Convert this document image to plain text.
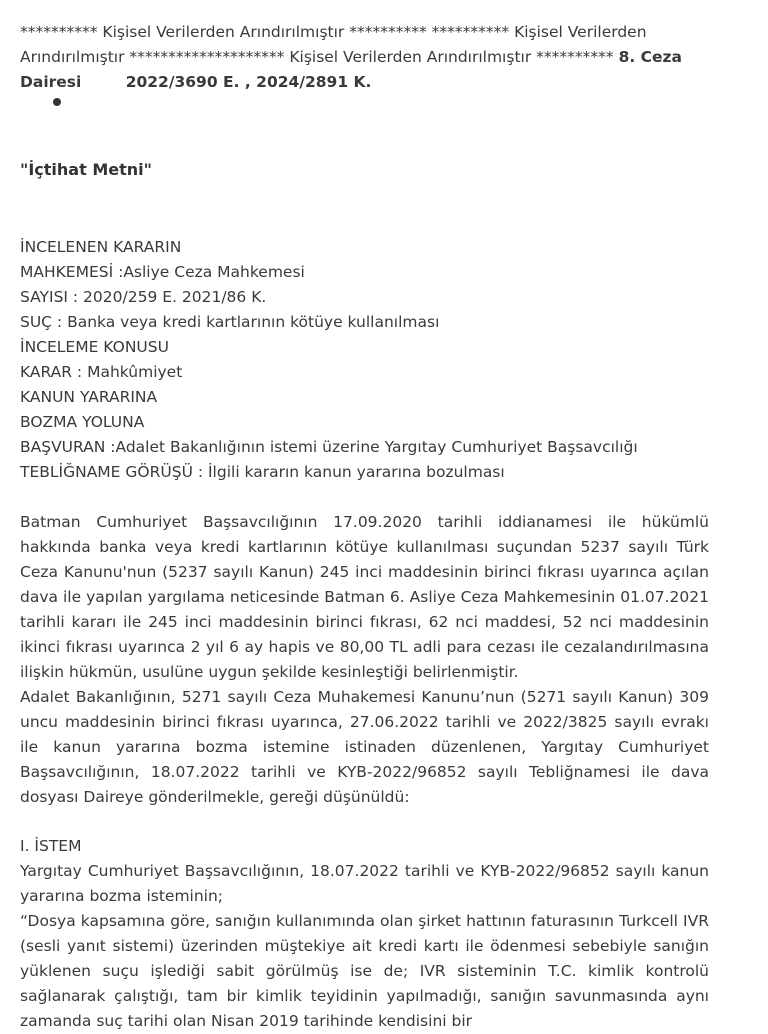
********** Kişisel Verilerden Arındırılmıştır ********** ********** Kişisel Verilerden Arındırılmıştır ******************** Kişisel Verilerden Arındırılmıştır ********** 8. Ceza Dairesi	2022/3690 E. , 2024/2891 K.
"İçtihat Metni"
İNCELENEN KARARIN
MAHKEMESİ :Asliye Ceza Mahkemesi
SAYISI : 2020/259 E. 2021/86 K.
SUÇ : Banka veya kredi kartlarının kötüye kullanılması
İNCELEME KONUSU
KARAR : Mahkûmiyet
KANUN YARARINA
BOZMA YOLUNA
BAŞVURAN :Adalet Bakanlığının istemi üzerine Yargıtay Cumhuriyet Başsavcılığı
TEBLİĞNAME GÖRÜŞÜ : İlgili kararın kanun yararına bozulması

Batman Cumhuriyet Başsavcılığının 17.09.2020 tarihli iddianamesi ile hükümlü hakkında banka veya kredi kartlarının kötüye kullanılması suçundan 5237 sayılı Türk Ceza Kanunu'nun (5237 sayılı Kanun) 245 inci maddesinin birinci fıkrası uyarınca açılan dava ile yapılan yargılama neticesinde Batman 6. Asliye Ceza Mahkemesinin 01.07.2021 tarihli kararı ile 245 inci maddesinin birinci fıkrası, 62 nci maddesi, 52 nci maddesinin ikinci fıkrası uyarınca 2 yıl 6 ay hapis ve 80,00 TL adli para cezası ile cezalandırılmasına ilişkin hükmün, usulüne uygun şekilde kesinleştiği belirlenmiştir.

Adalet Bakanlığının, 5271 sayılı Ceza Muhakemesi Kanunu’nun (5271 sayılı Kanun) 309 uncu maddesinin birinci fıkrası uyarınca, 27.06.2022 tarihli ve 2022/3825 sayılı evrakı ile kanun yararına bozma istemine istinaden düzenlenen, Yargıtay Cumhuriyet Başsavcılığının, 18.07.2022 tarihli ve KYB-2022/96852 sayılı Tebliğnamesi ile dava dosyası Daireye gönderilmekle, gereği düşünüldü:

I. İSTEM

Yargıtay Cumhuriyet Başsavcılığının, 18.07.2022 tarihli ve KYB-2022/96852 sayılı kanun yararına bozma isteminin;

“Dosya kapsamına göre, sanığın kullanımında olan şirket hattının faturasının Turkcell IVR (sesli yanıt sistemi) üzerinden müştekiye ait kredi kartı ile ödenmesi sebebiyle sanığın yüklenen suçu işlediği sabit görülmüş ise de; IVR sisteminin T.C. kimlik kontrolü sağlanarak çalıştığı, tam bir kimlik teyidinin yapılmadığı, sanığın savunmasında aynı zamanda suç tarihi olan Nisan 2019 tarihinde kendisini bir
